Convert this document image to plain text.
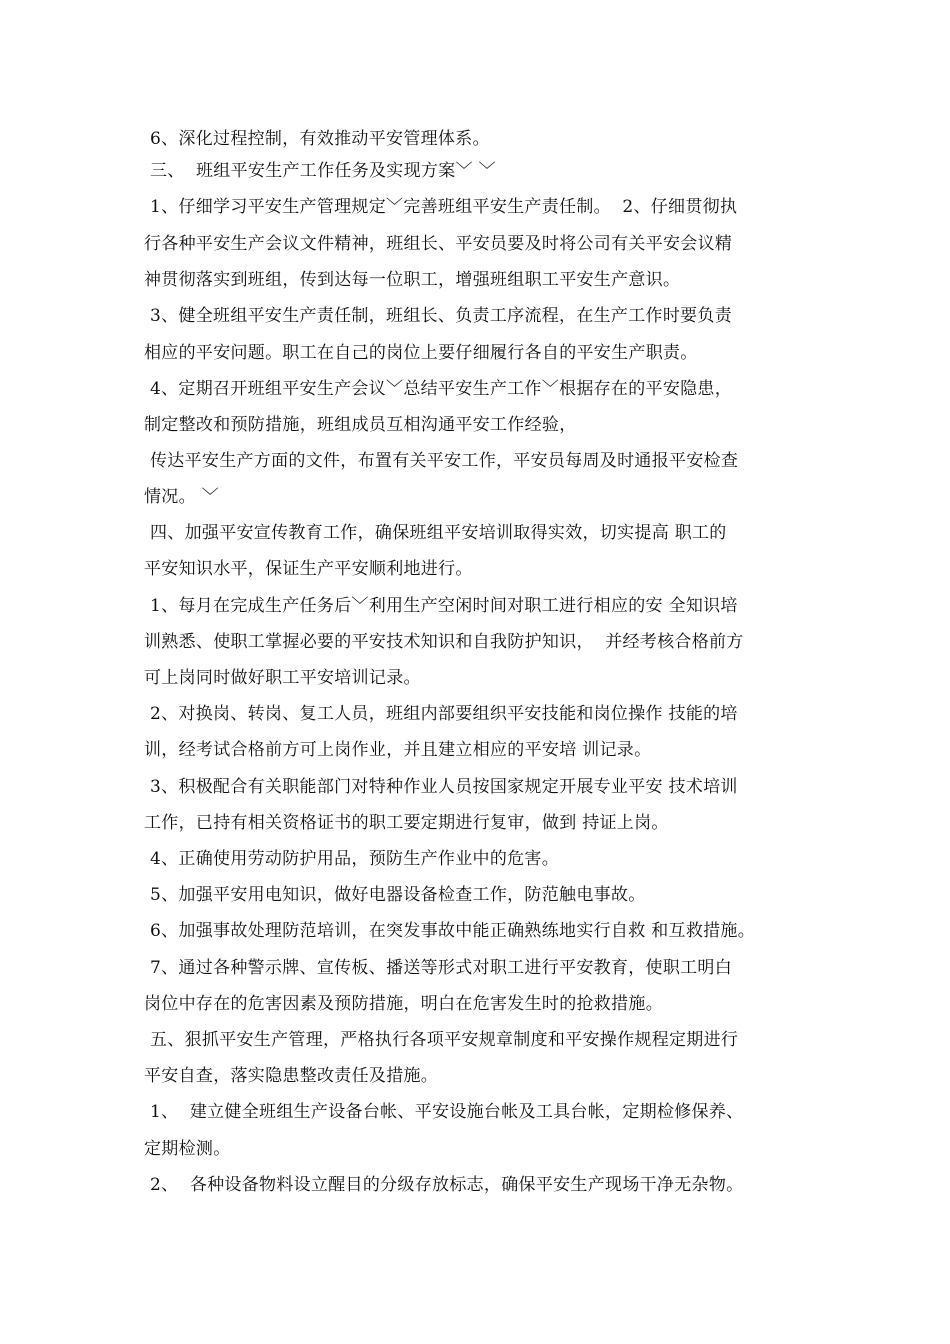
6、深化过程控制，有效推动平安管理体系。
三、  班组平安生产工作任务及实现方案﹀ ﹀
1、仔细学习平安生产管理规定﹀完善班组平安生产责任制。  2、仔细贯彻执
行各种平安生产会议文件精神，班组长、平安员要及时将公司有关平安会议精
神贯彻落实到班组，传到达每一位职工，增强班组职工平安生产意识。
3、健全班组平安生产责任制，班组长、负责工序流程，在生产工作时要负责
相应的平安问题。职工在自己的岗位上要仔细履行各自的平安生产职责。
4、定期召开班组平安生产会议﹀总结平安生产工作﹀根据存在的平安隐患，
制定整改和预防措施，班组成员互相沟通平安工作经验，
传达平安生产方面的文件，布置有关平安工作，平安员每周及时通报平安检查
情况。 ﹀
四、加强平安宣传教育工作，确保班组平安培训取得实效，切实提高 职工的
平安知识水平，保证生产平安顺利地进行。
1、每月在完成生产任务后﹀利用生产空闲时间对职工进行相应的安 全知识培
训熟悉、使职工掌握必要的平安技术知识和自我防护知识，  并经考核合格前方
可上岗同时做好职工平安培训记录。
2、对换岗、转岗、复工人员，班组内部要组织平安技能和岗位操作 技能的培
训，经考试合格前方可上岗作业，并且建立相应的平安培 训记录。
3、积极配合有关职能部门对特种作业人员按国家规定开展专业平安 技术培训
工作，已持有相关资格证书的职工要定期进行复审，做到 持证上岗。
4、正确使用劳动防护用品，预防生产作业中的危害。
5、加强平安用电知识，做好电器设备检查工作，防范触电事故。
6、加强事故处理防范培训，在突发事故中能正确熟练地实行自救 和互救措施。
7、通过各种警示牌、宣传板、播送等形式对职工进行平安教育，使职工明白
岗位中存在的危害因素及预防措施，明白在危害发生时的抢救措施。
五、狠抓平安生产管理，严格执行各项平安规章制度和平安操作规程定期进行
平安自查，落实隐患整改责任及措施。
1、  建立健全班组生产设备台帐、平安设施台帐及工具台帐，定期检修保养、
定期检测。
2、  各种设备物料设立醒目的分级存放标志，确保平安生产现场干净无杂物。
